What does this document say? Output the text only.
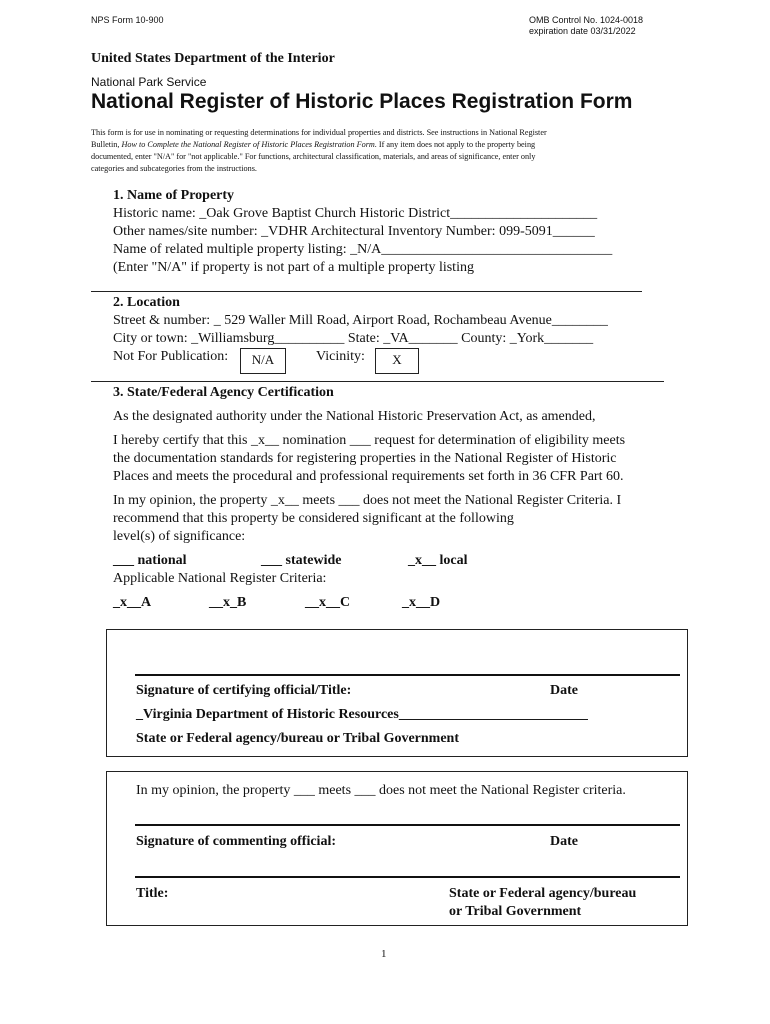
NPS Form 10-900	OMB Control No. 1024-0018
expiration date 03/31/2022
United States Department of the Interior
National Park Service
National Register of Historic Places Registration Form
This form is for use in nominating or requesting determinations for individual properties and districts. See instructions in National Register
Bulletin, How to Complete the National Register of Historic Places Registration Form. If any item does not apply to the property being
documented, enter "N/A" for "not applicable." For functions, architectural classification, materials, and areas of significance, enter only
categories and subcategories from the instructions.
1. Name of Property
Historic name: _Oak Grove Baptist Church Historic District_____________________
Other names/site number: _VDHR Architectural Inventory Number: 099-5091______
Name of related multiple property listing: _N/A_________________________________
(Enter "N/A" if property is not part of a multiple property listing
2. Location
Street & number: _ 529 Waller Mill Road, Airport Road, Rochambeau Avenue________
City or town: _Williamsburg__________ State: _VA_______ County: _York_______
Not For Publication:	N/A	Vicinity:	X
3. State/Federal Agency Certification
As the designated authority under the National Historic Preservation Act, as amended,
I hereby certify that this _x__ nomination ___ request for determination of eligibility meets
the documentation standards for registering properties in the National Register of Historic
Places and meets the procedural and professional requirements set forth in 36 CFR Part 60.
In my opinion, the property _x__ meets ___ does not meet the National Register Criteria. I
recommend that this property be considered significant at the following
level(s) of significance:
___ national	___ statewide	_x__ local
Applicable National Register Criteria:
_x__A	__x_B	__x__C	_x__D
Signature of certifying official/Title:	Date
_Virginia Department of Historic Resources___________________________
State or Federal agency/bureau or Tribal Government
In my opinion, the property ___ meets ___ does not meet the National Register criteria.
Signature of commenting official:	Date
Title:	State or Federal agency/bureau
or Tribal Government
1
